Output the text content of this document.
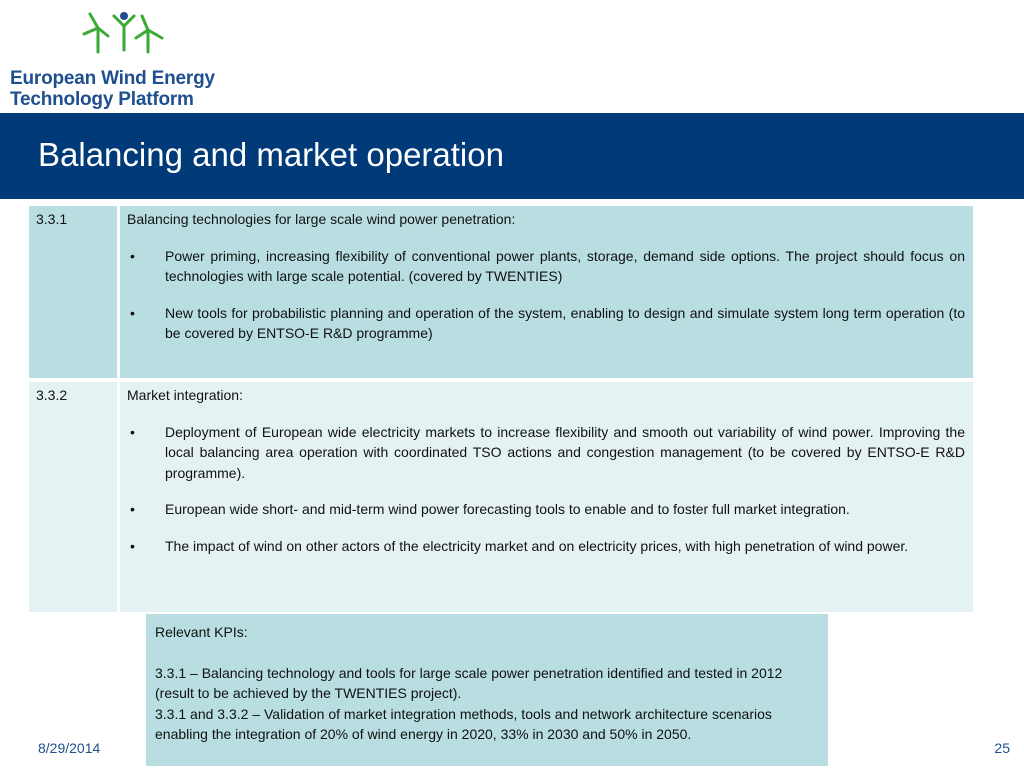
European Wind Energy
Technology Platform
Balancing and market operation
3.3.1	Balancing technologies for large scale wind power penetration:

• Power priming, increasing flexibility of conventional power plants, storage, demand side options. The project should focus on technologies with large scale potential. (covered by TWENTIES)
• New tools for probabilistic planning and operation of the system, enabling to design and simulate system long term operation (to be covered by ENTSO-E R&D programme)
3.3.2	Market integration:

• Deployment of European wide electricity markets to increase flexibility and smooth out variability of wind power. Improving the local balancing area operation with coordinated TSO actions and congestion management (to be covered by ENTSO-E R&D programme).
• European wide short- and mid-term wind power forecasting tools to enable and to foster full market integration.
• The impact of wind on other actors of the electricity market and on electricity prices, with high penetration of wind power.

Relevant KPIs:

3.3.1 – Balancing technology and tools for large scale power penetration identified and tested in 2012 (result to be achieved by the TWENTIES project).

3.3.1 and 3.3.2 – Validation of market integration methods, tools and network architecture scenarios enabling the integration of 20% of wind energy in 2020, 33% in 2030 and 50% in 2050.

8/29/2014	25
